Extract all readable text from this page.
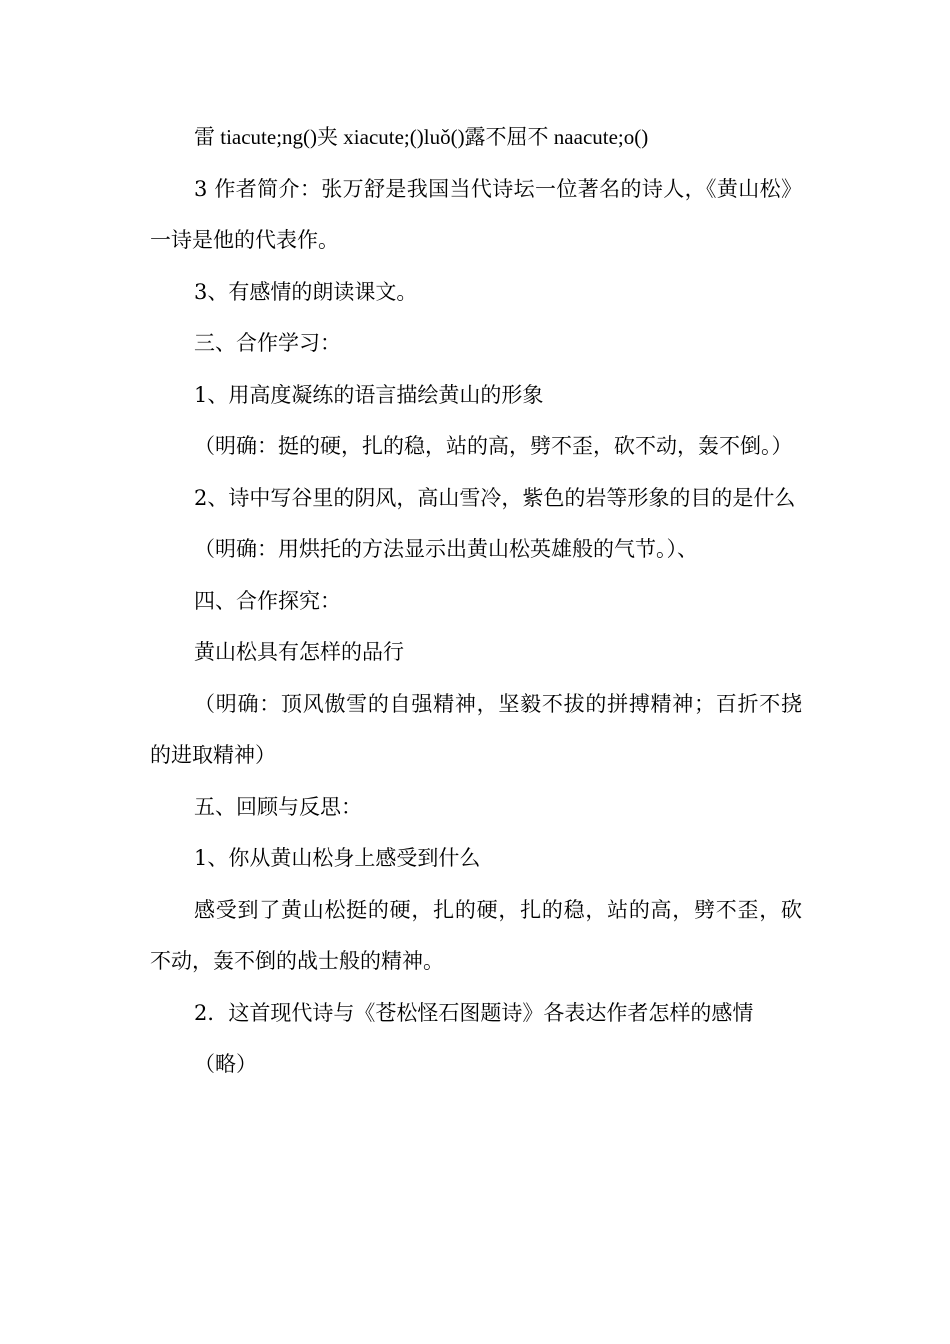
雷 tiacute;ng()夹 xiacute;()luǒ()露不屈不 naacute;o()

3 作者简介：张万舒是我国当代诗坛一位著名的诗人，《黄山松》一诗是他的代表作。

3、有感情的朗读课文。

三、合作学习：

1、用高度凝练的语言描绘黄山的形象

（明确：挺的硬，扎的稳，站的高，劈不歪，砍不动，轰不倒。）

2、诗中写谷里的阴风，高山雪冷，紫色的岩等形象的目的是什么

（明确：用烘托的方法显示出黄山松英雄般的气节。）、

四、合作探究：

黄山松具有怎样的品行

（明确：顶风傲雪的自强精神，坚毅不拔的拼搏精神；百折不挠的进取精神）

五、回顾与反思：

1、你从黄山松身上感受到什么

感受到了黄山松挺的硬，扎的硬，扎的稳，站的高，劈不歪，砍不动，轰不倒的战士般的精神。

2．这首现代诗与《苍松怪石图题诗》各表达作者怎样的感情

（略）
